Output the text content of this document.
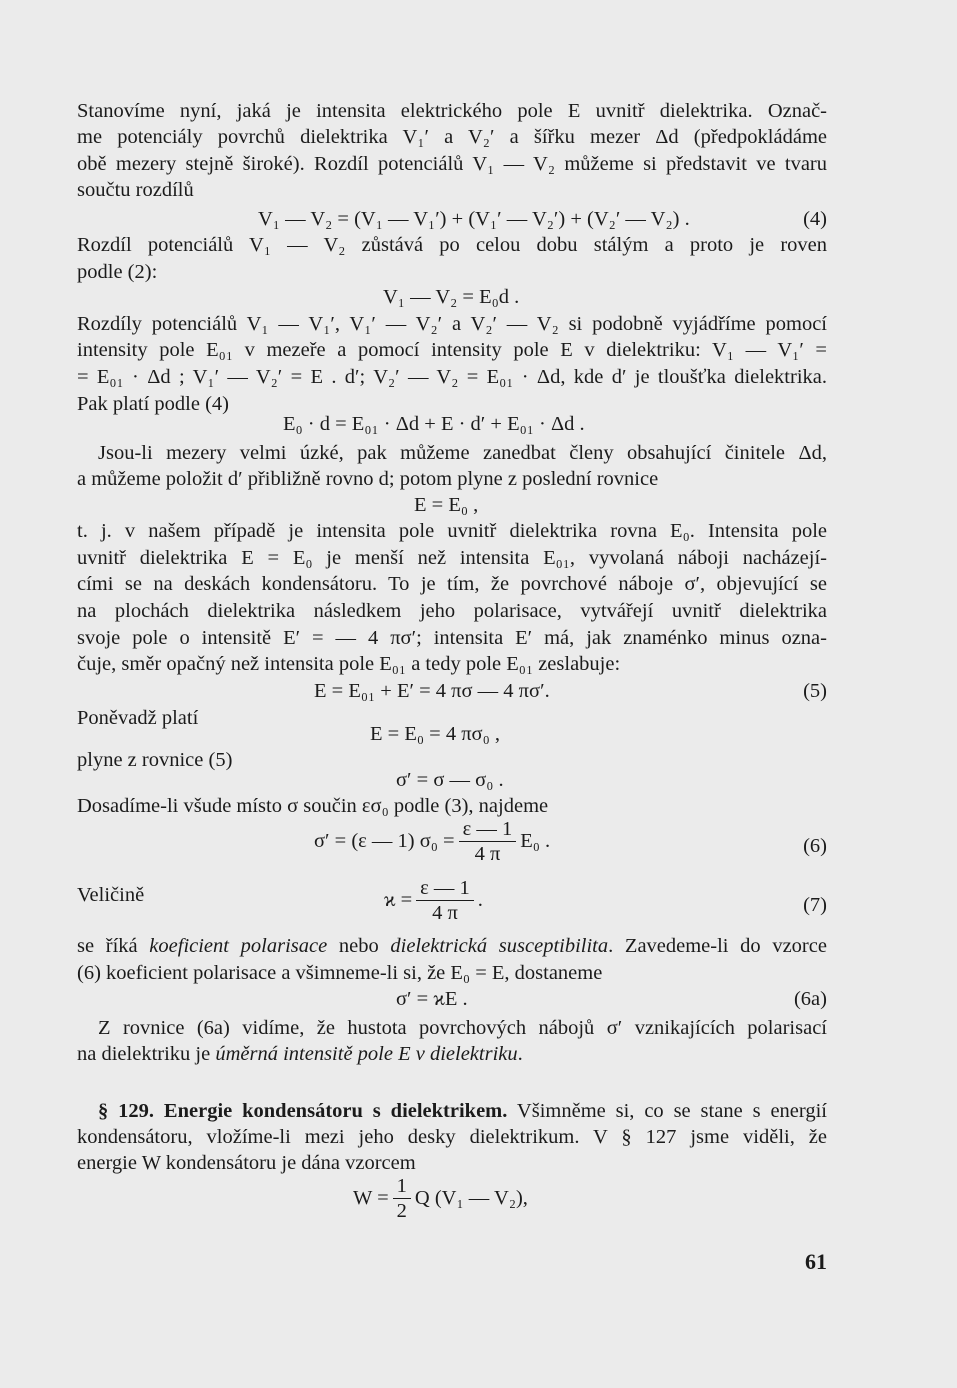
Stanovíme nyní, jaká je intensita elektrického pole E uvnitř dielektrika. Označ-
me potenciály povrchů dielektrika V₁′ a V₂′ a šířku mezer Δd (předpokládáme
obě mezery stejně široké). Rozdíl potenciálů V₁ — V₂ můžeme si představit ve tvaru
součtu rozdílů
V₁ — V₂ = (V₁ — V₁′) + (V₁′ — V₂′) + (V₂′ — V₂) .	(4)
Rozdíl potenciálů V₁ — V₂ zůstává po celou dobu stálým a proto je roven
podle (2):
V₁ — V₂ = E₀d .
Rozdíly potenciálů V₁ — V₁′, V₁′ — V₂′ a V₂′ — V₂ si podobně vyjádříme pomocí
intensity pole E₀₁ v mezeře a pomocí intensity pole E v dielektriku: V₁ — V₁′ =
= E₀₁ · Δd ; V₁′ — V₂′ = E . d′; V₂′ — V₂ = E₀₁ · Δd, kde d′ je tloušťka dielektrika.
Pak platí podle (4)
E₀ · d = E₀₁ · Δd + E · d′ + E₀₁ · Δd .
Jsou-li mezery velmi úzké, pak můžeme zanedbat členy obsahující činitele Δd,
a můžeme položit d′ přibližně rovno d; potom plyne z poslední rovnice
E = E₀ ,
t. j. v našem případě je intensita pole uvnitř dielektrika rovna E₀. Intensita pole
uvnitř dielektrika E = E₀ je menší než intensita E₀₁, vyvolaná náboji nacházejí-
cími se na deskách kondensátoru. To je tím, že povrchové náboje σ′, objevující se
na plochách dielektrika následkem jeho polarisace, vytvářejí uvnitř dielektrika
svoje pole o intensitě E′ = — 4 πσ′; intensita E′ má, jak znaménko minus ozna-
čuje, směr opačný než intensita pole E₀₁ a tedy pole E₀₁ zeslabuje:
E = E₀₁ + E′ = 4 πσ — 4 πσ′.	(5)
Poněvadž platí
E = E₀ = 4 πσ₀ ,
plyne z rovnice (5)
σ′ = σ — σ₀ .
Dosadíme-li všude místo σ součin εσ₀ podle (3), najdeme
σ′ = (ε — 1) $\sigma_0 = \frac{\varepsilon — 1}{4 \pi} E_0$ .	(6)
Veličině	$ϰ = \frac{\varepsilon — 1}{4 \pi}$ .	(7)
se říká koeficient polarisace nebo dielektrická susceptibilita. Zavedeme-li do vzorce
(6) koeficient polarisace a všimneme-li si, že E₀ = E, dostaneme
σ′ = ϰE .	(6a)
Z rovnice (6a) vidíme, že hustota povrchových nábojů σ′ vznikajících polarisací
na dielektriku je úměrná intensitě pole E v dielektriku.
§ 129. Energie kondensátoru s dielektrikem. Všimněme si, co se stane s energií
kondensátoru, vložíme-li mezi jeho desky dielektrikum. V § 127 jsme viděli, že
energie W kondensátoru je dána vzorcem
$W = \frac{1}{2}$ Q (V₁ — V₂),
61
